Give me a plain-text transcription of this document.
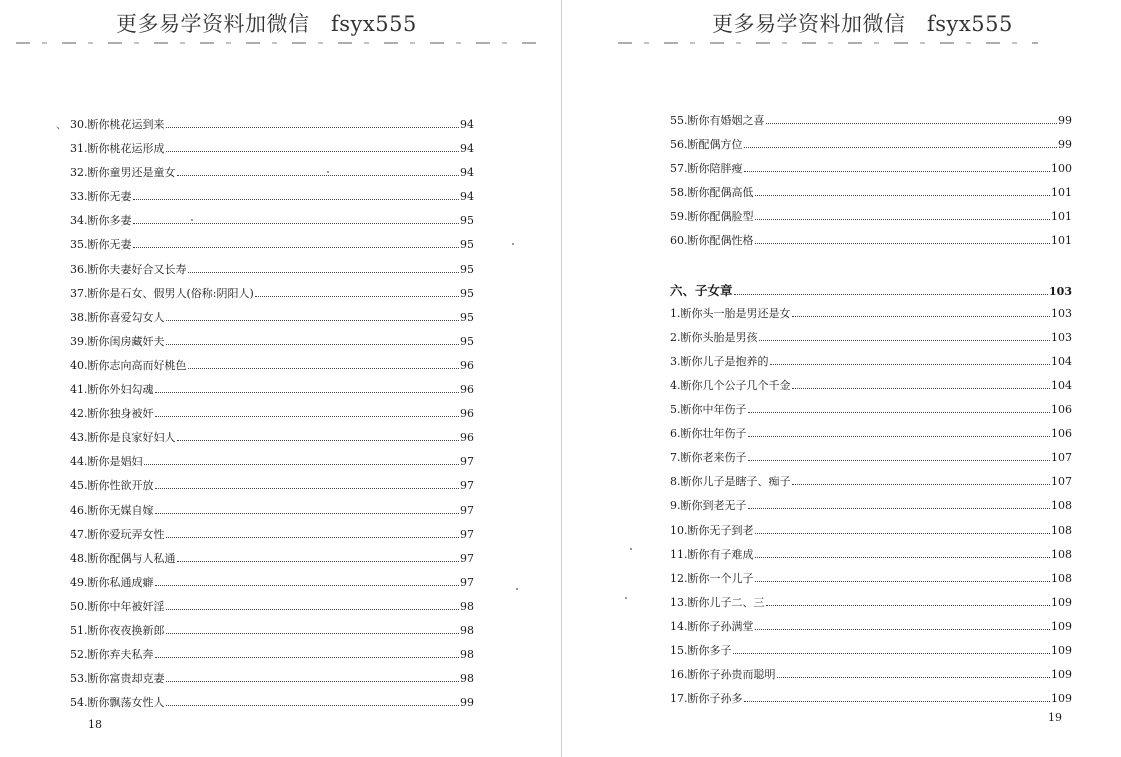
更多易学资料加微信　fsyx555
、 30.断你桃花运到来	94
31.断你桃花运形成	94
32.断你童男还是童女	94
33.断你无妻	94
34.断你多妻	95
35.断你无妻	95
36.断你夫妻好合又长寿	95
37.断你是石女、假男人(俗称:阴阳人)	95
38.断你喜爱勾女人	95
39.断你闺房藏奸夫	95
40.断你志向高而好桃色	96
41.断你外妇勾魂	96
42.断你独身被奸	96
43.断你是良家好妇人	96
44.断你是娼妇	97
45.断你性欲开放	97
46.断你无媒自嫁	97
47.断你爱玩弄女性	97
48.断你配偶与人私通	97
49.断你私通成癖	97
50.断你中年被奸淫	98
51.断你夜夜换新郎	98
52.断你弃夫私奔	98
53.断你富贵却克妻	98
54.断你飘荡女性人	99
18
更多易学资料加微信　fsyx555
55.断你有婚姻之喜	99
56.断配偶方位	99
57.断你陪胖瘦	100
58.断你配偶高低	101
59.断你配偶脸型	101
60.断你配偶性格	101
六、子女章	103
1.断你头一胎是男还是女	103
2.断你头胎是男孩	103
3.断你儿子是抱养的	104
4.断你几个公子几个千金	104
5.断你中年伤子	106
6.断你壮年伤子	106
7.断你老来伤子	107
8.断你儿子是瞎子、痴子	107
9.断你到老无子	108
10.断你无子到老	108
11.断你有子难成	108
12.断你一个儿子	108
13.断你儿子二、三	109
14.断你子孙满堂	109
15.断你多子	109
16.断你子孙贵而聪明	109
17.断你子孙多	109
19
